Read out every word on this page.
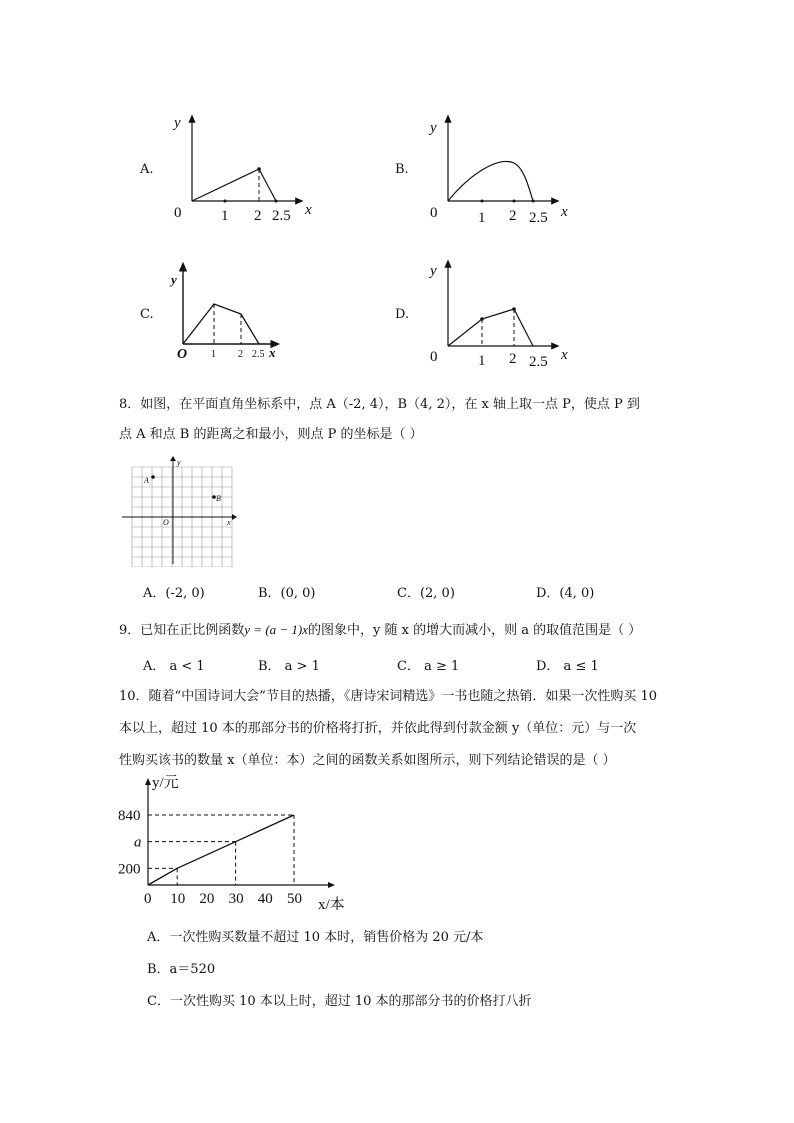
A.
y
x
0	1 2 2.5
B.
y
x
0	1 2 2.5
C.
y
x
O 1 2 2.5
D.
y
x
0	1 2 2.5
8．如图，在平面直角坐标系中，点 A（-2, 4），B（4, 2），在 x 轴上取一点 P，使点 P 到
点 A 和点 B 的距离之和最小，则点 P 的坐标是（ ）
y
x
O
A
B
A．(-2, 0)	B．(0, 0)	C．(2, 0)	D．(4, 0)
9．已知在正比例函数y = (a − 1)x的图象中，y 随 x 的增大而减小，则 a 的取值范围是（ ）
A． a < 1	B． a > 1	C． a ≥ 1	D． a ≤ 1
10．随着“中国诗词大会”节目的热播，《唐诗宋词精选》一书也随之热销．如果一次性购买 10
本以上，超过 10 本的那部分书的价格将打折，并依此得到付款金额 y（单位：元）与一次
性购买该书的数量 x（单位：本）之间的函数关系如图所示，则下列结论错误的是（ ）
0 10 20 30 40 50
200
a
840
x/本
y/元
A．一次性购买数量不超过 10 本时，销售价格为 20 元/本
B．a＝520
C．一次性购买 10 本以上时，超过 10 本的那部分书的价格打八折
